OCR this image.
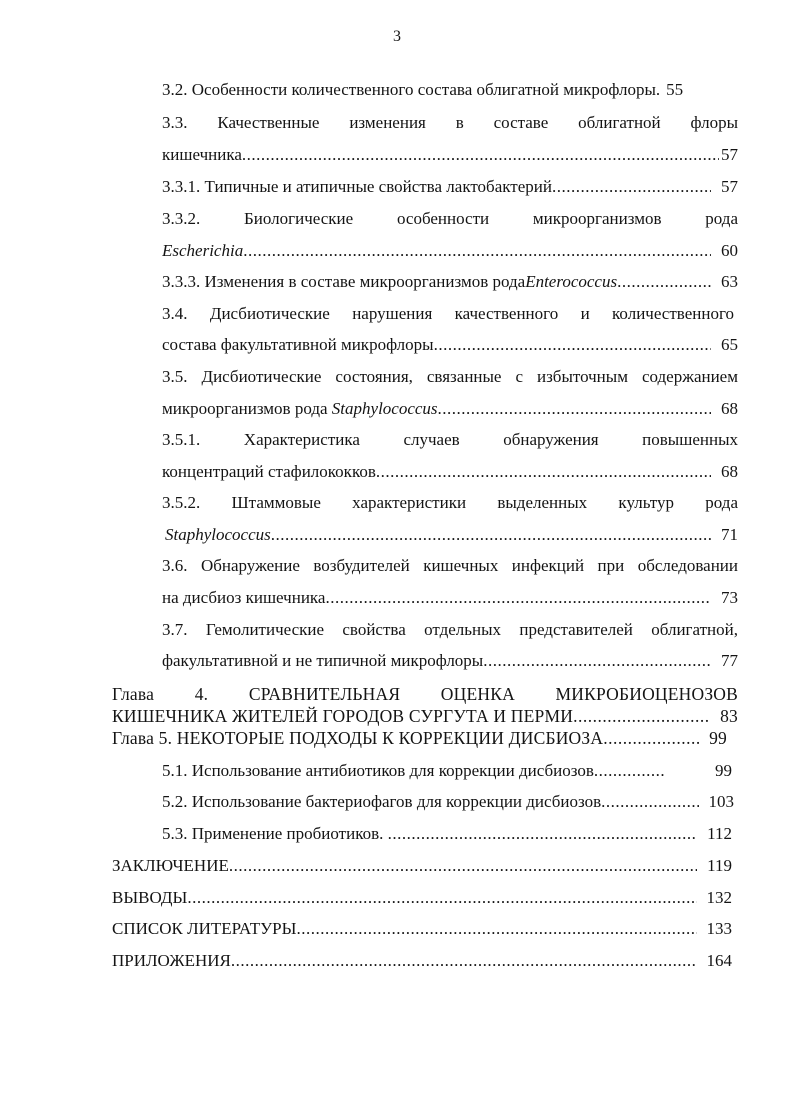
3
3.2. Особенности количественного состава облигатной микрофлоры. 55
3.3. Качественные изменения в составе облигатной флоры
кишечника .....	57
3.3.1. Типичные и атипичные свойства лактобактерий .....	57
3.3.2. Биологические особенности микроорганизмов рода
Escherichia .....	60
3.3.3. Изменения в составе микроорганизмов рода Enterococcus .....	63
3.4. Дисбиотические нарушения качественного и количественного
состава факультативной микрофлоры .....	65
3.5. Дисбиотические состояния, связанные с избыточным содержанием
микроорганизмов рода Staphylococcus .....	68
3.5.1. Характеристика случаев обнаружения повышенных
концентраций стафилококков .....	68
3.5.2. Штаммовые характеристики выделенных культур рода
Staphylococcus .....	71
3.6. Обнаружение возбудителей кишечных инфекций при обследовании
на дисбиоз кишечника .....	73
3.7. Гемолитические свойства отдельных представителей облигатной,
факультативной и не типичной микрофлоры .....	77
Глава 4. СРАВНИТЕЛЬНАЯ ОЦЕНКА МИКРОБИОЦЕНОЗОВ
КИШЕЧНИКА ЖИТЕЛЕЙ ГОРОДОВ СУРГУТА И ПЕРМИ .....	83
Глава 5. НЕКОТОРЫЕ ПОДХОДЫ К КОРРЕКЦИИ ДИСБИОЗА .....	99
5.1. Использование антибиотиков для коррекции дисбиозов .....	99
5.2. Использование бактериофагов для коррекции дисбиозов .....	103
5.3. Применение пробиотиков. .....	112
ЗАКЛЮЧЕНИЕ .....	119
ВЫВОДЫ .....	132
СПИСОК ЛИТЕРАТУРЫ .....	133
ПРИЛОЖЕНИЯ .....	164
